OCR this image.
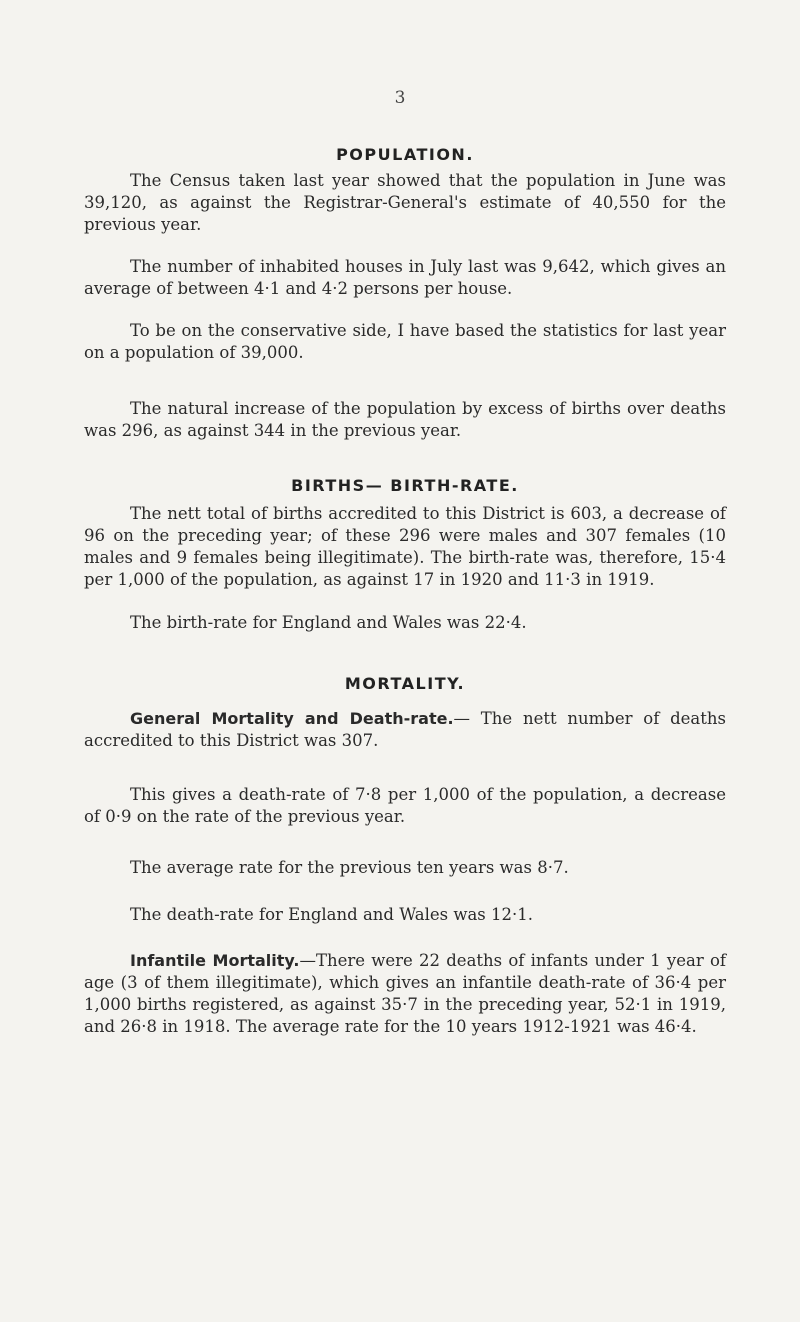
3
POPULATION.

The Census taken last year showed that the population in June was 39,120, as against the Registrar-General's estimate of 40,550 for the previous year.

The number of inhabited houses in July last was 9,642, which gives an average of between 4·1 and 4·2 persons per house.

To be on the conservative side, I have based the statistics for last year on a population of 39,000.

The natural increase of the population by excess of births over deaths was 296, as against 344 in the previous year.

BIRTHS— BIRTH-RATE.

The nett total of births accredited to this District is 603, a decrease of 96 on the preceding year; of these 296 were males and 307 females (10 males and 9 females being illegitimate). The birth-rate was, therefore, 15·4 per 1,000 of the population, as against 17 in 1920 and 11·3 in 1919.

The birth-rate for England and Wales was 22·4.

MORTALITY.

General Mortality and Death-rate.— The nett number of deaths accredited to this District was 307.

This gives a death-rate of 7·8 per 1,000 of the population, a decrease of 0·9 on the rate of the previous year.

The average rate for the previous ten years was 8·7.

The death-rate for England and Wales was 12·1.

Infantile Mortality.—There were 22 deaths of infants under 1 year of age (3 of them illegitimate), which gives an infantile death-rate of 36·4 per 1,000 births registered, as against 35·7 in the preceding year, 52·1 in 1919, and 26·8 in 1918. The average rate for the 10 years 1912-1921 was 46·4.
